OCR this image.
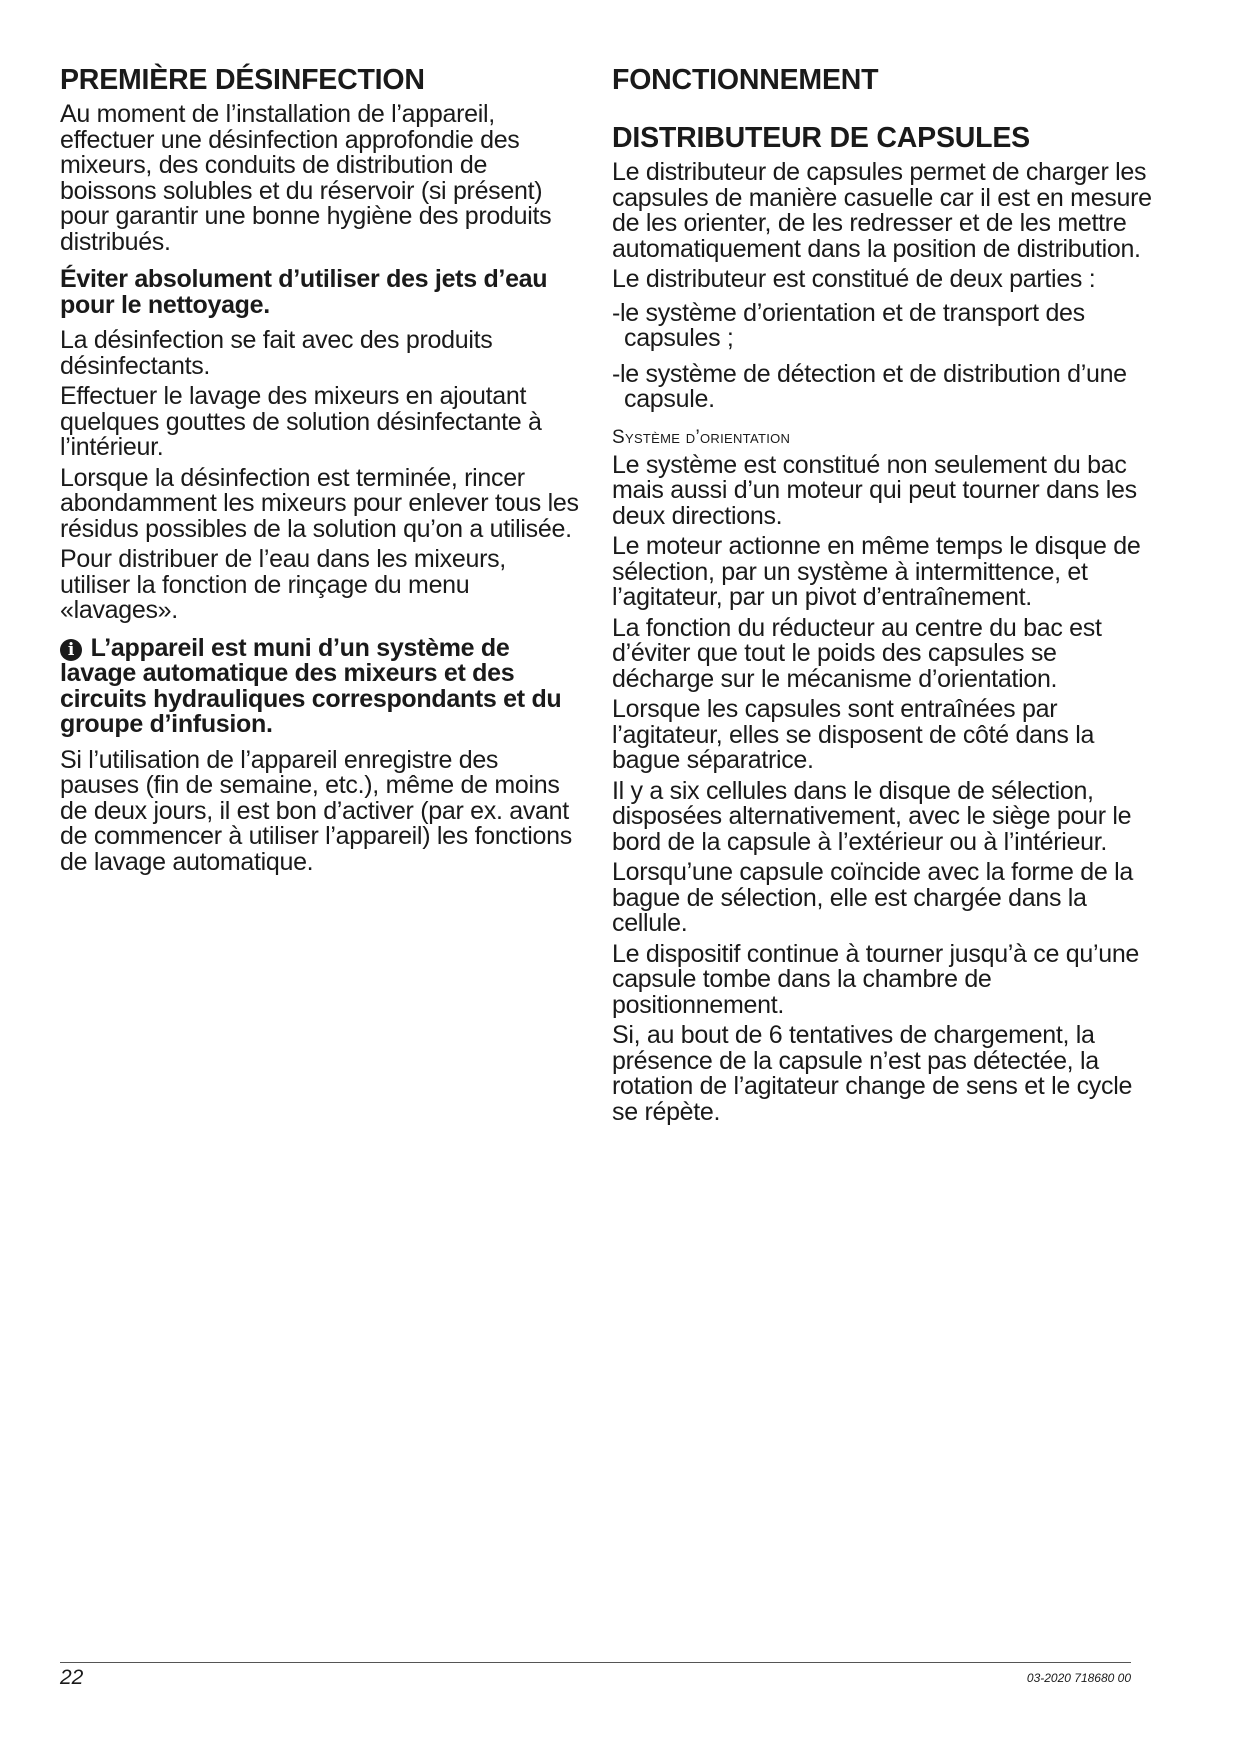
PREMIÈRE DÉSINFECTION

Au moment de l’installation de l’appareil, effectuer une désinfection approfondie des mixeurs, des conduits de distribution de boissons solubles et du réservoir (si présent) pour garantir une bonne hygiène des produits distribués.

Éviter absolument d’utiliser des jets d’eau pour le nettoyage.

La désinfection se fait avec des produits désinfectants.

Effectuer le lavage des mixeurs en ajoutant quelques gouttes de solution désinfectante à l’intérieur.

Lorsque la désinfection est terminée, rincer abondamment les mixeurs pour enlever tous les résidus possibles de la solution qu’on a utilisée.

Pour distribuer de l’eau dans les mixeurs, utiliser la fonction de rinçage du menu «lavages».

i L’appareil est muni d’un système de lavage automatique des mixeurs et des circuits hydrauliques correspondants et du groupe d’infusion.

Si l’utilisation de l’appareil enregistre des pauses (fin de semaine, etc.), même de moins de deux jours, il est bon d’activer (par ex. avant de commencer à utiliser l’appareil) les fonctions de lavage automatique.

FONCTIONNEMENT
DISTRIBUTEUR DE CAPSULES

Le distributeur de capsules permet de charger les capsules de manière casuelle car il est en mesure de les orienter, de les redresser et de les mettre automatiquement dans la position de distribution.

Le distributeur est constitué de deux parties :

-le système d’orientation et de transport des capsules ;
-le système de détection et de distribution d’une capsule.
Système d’orientation

Le système est constitué non seulement du bac mais aussi d’un moteur qui peut tourner dans les deux directions.

Le moteur actionne en même temps le disque de sélection, par un système à intermittence, et l’agitateur, par un pivot d’entraînement.

La fonction du réducteur au centre du bac est d’éviter que tout le poids des capsules se décharge sur le mécanisme d’orientation.

Lorsque les capsules sont entraînées par l’agitateur, elles se disposent de côté dans la bague séparatrice.

Il y a six cellules dans le disque de sélection, disposées alternativement, avec le siège pour le bord de la capsule à l’extérieur ou à l’intérieur.

Lorsqu’une capsule coïncide avec la forme de la bague de sélection, elle est chargée dans la cellule.

Le dispositif continue à tourner jusqu’à ce qu’une capsule tombe dans la chambre de positionnement.

Si, au bout de 6 tentatives de chargement, la présence de la capsule n’est pas détectée, la rotation de l’agitateur change de sens et le cycle se répète.

22	03-2020 718680 00
